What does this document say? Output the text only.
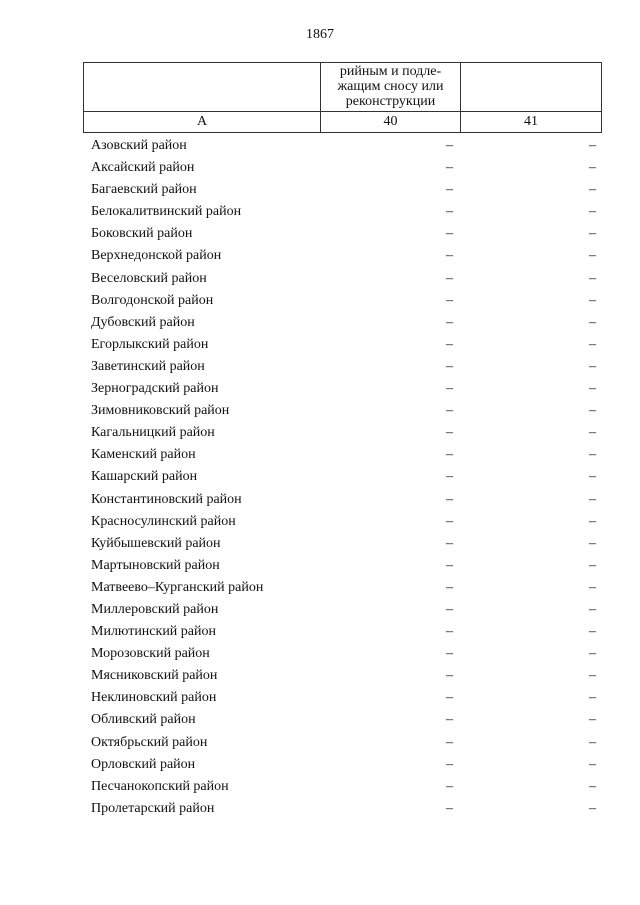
1867

рийным и подле-жащим сносу или реконструкции	

А	40	41
Азовский район	–	–
Аксайский район	–	–
Багаевский район	–	–
Белокалитвинский район	–	–
Боковский район	–	–
Верхнедонской район	–	–
Веселовский район	–	–
Волгодонской район	–	–
Дубовский район	–	–
Егорлыкский район	–	–
Заветинский район	–	–
Зерноградский район	–	–
Зимовниковский район	–	–
Кагальницкий район	–	–
Каменский район	–	–
Кашарский район	–	–
Константиновский район	–	–
Красносулинский район	–	–
Куйбышевский район	–	–
Мартыновский район	–	–
Матвеево–Курганский район	–	–
Миллеровский район	–	–
Милютинский район	–	–
Морозовский район	–	–
Мясниковский район	–	–
Неклиновский район	–	–
Обливский район	–	–
Октябрьский район	–	–
Орловский район	–	–
Песчанокопский район	–	–
Пролетарский район	–	–
